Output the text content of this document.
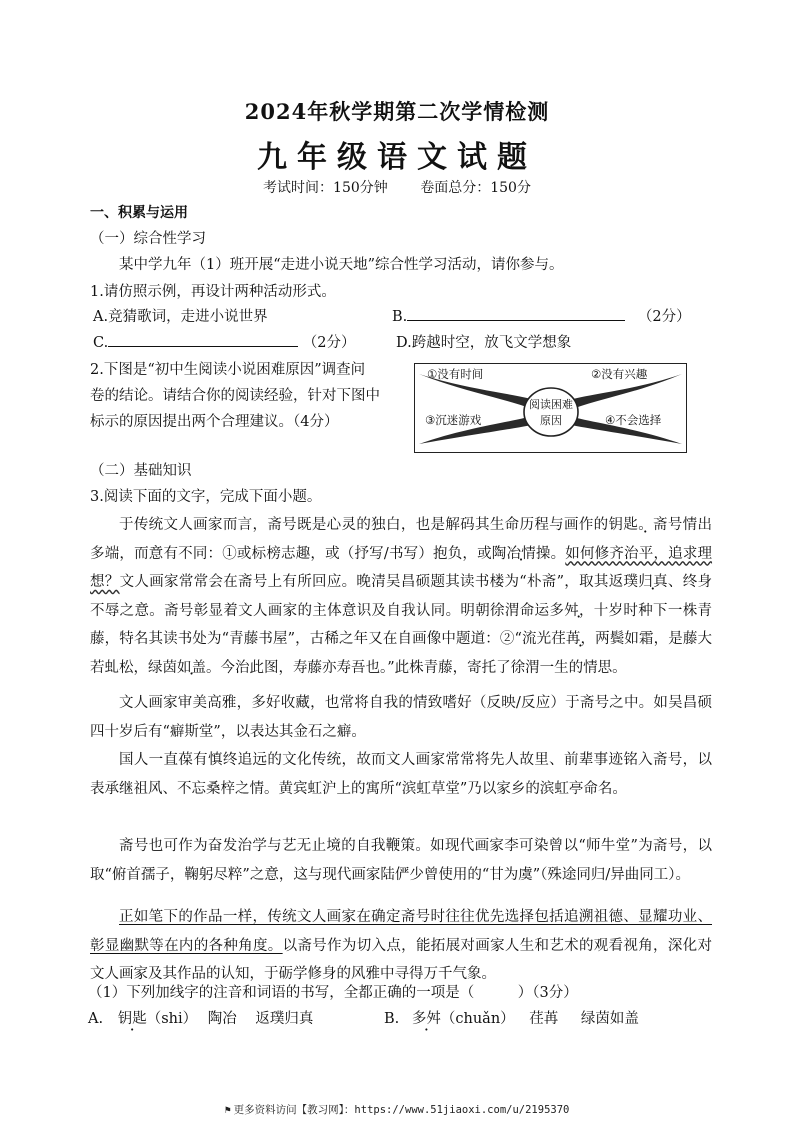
2024年秋学期第二次学情检测
九年级语文试题
考试时间：150分钟 卷面总分：150分
一、积累与运用
（一）综合性学习
某中学九年（1）班开展“走进小说天地”综合性学习活动，请你参与。
1.请仿照示例，再设计两种活动形式。
A.竞猜歌词，走进小说世界	B.	（2分）
C.	（2分）	D.跨越时空，放飞文学想象
2.下图是“初中生阅读小说困难原因”调查问
卷的结论。请结合你的阅读经验，针对下图中
标示的原因提出两个合理建议。（4分）
阅读困难
原因
①没有时间	②没有兴趣
③沉迷游戏	④不会选择
（二）基础知识
3.阅读下面的文字，完成下面小题。
于传统文人画家而言，斋号既是心灵的独白，也是解码其生命历程与画作的钥匙。斋号情出多端，而意有不同：①或标榜志趣，或（抒写/书写）抱负，或陶冶情操。如何修齐治平，追求理想？文人画家常常会在斋号上有所回应。晚清吴昌硕题其读书楼为“朴斋”，取其返璞归真、终身不辱之意。斋号彰显着文人画家的主体意识及自我认同。明朝徐渭命运多舛，十岁时种下一株青藤，特名其读书处为“青藤书屋”，古稀之年又在自画像中题道：②“流光荏苒，两鬓如霜，是藤大若虬松，绿茵如盖。今治此图，寿藤亦寿吾也。”此株青藤，寄托了徐渭一生的情思。
文人画家审美高雅，多好收藏，也常将自我的情致嗜好（反映/反应）于斋号之中。如吴昌硕四十岁后有“癖斯堂”，以表达其金石之癖。
国人一直葆有慎终追远的文化传统，故而文人画家常常将先人故里、前辈事迹铭入斋号，以表承继祖风、不忘桑梓之情。黄宾虹沪上的寓所“滨虹草堂”乃以家乡的滨虹亭命名。
斋号也可作为奋发治学与艺无止境的自我鞭策。如现代画家李可染曾以“师牛堂”为斋号，以取“俯首孺子，鞠躬尽粹”之意，这与现代画家陆俨少曾使用的“甘为虞”（殊途同归/异曲同工）。
正如笔下的作品一样，传统文人画家在确定斋号时往往优先选择包括追溯祖德、显耀功业、彰显幽默等在内的各种角度。以斋号作为切入点，能拓展对画家人生和艺术的观看视角，深化对文人画家及其作品的认知，于砺学修身的风雅中寻得万千气象。
（1）下列加线字的注音和词语的书写，全都正确的一项是（　　　）（3分）
A. 钥匙（shi） 陶冶 返璞归真	B. 多舛（chuǎn） 荏苒 绿茵如盖
⚑ 更多资料访问【教习网】：https://www.51jiaoxi.com/u/2195370
